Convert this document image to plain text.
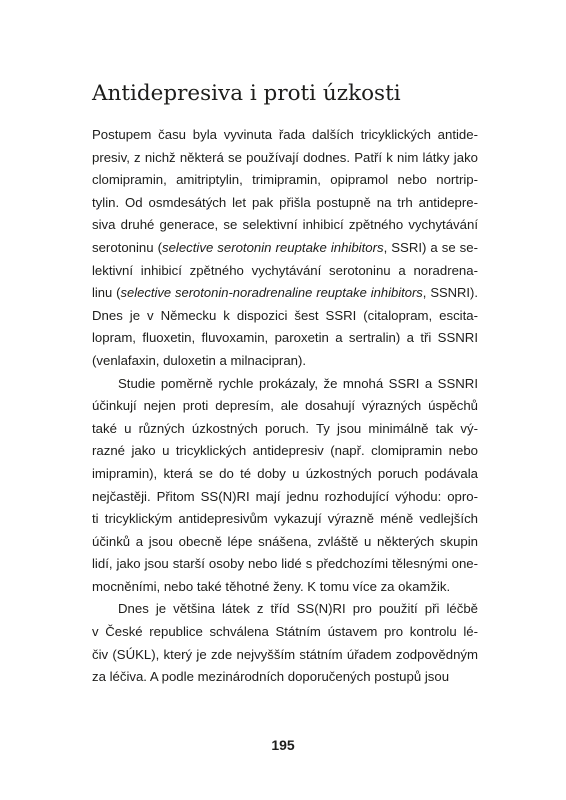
Antidepresiva i proti úzkosti

Postupem času byla vyvinuta řada dalších tricyklických antide-
presiv, z nichž některá se používají dodnes. Patří k nim látky jako
clomipramin, amitriptylin, trimipramin, opipramol nebo nortrip-
tylin. Od osmdesátých let pak přišla postupně na trh antidepre-
siva druhé generace, se selektivní inhibicí zpětného vychytávání
serotoninu (selective serotonin reuptake inhibitors, SSRI) a se se-
lektivní inhibicí zpětného vychytávání serotoninu a noradrena-
linu (selective serotonin-noradrenaline reuptake inhibitors, SSNRI).
Dnes je v Německu k dispozici šest SSRI (citalopram, escita-
lopram, fluoxetin, fluvoxamin, paroxetin a sertralin) a tři SSNRI
(venlafaxin, duloxetin a milnacipran).

Studie poměrně rychle prokázaly, že mnohá SSRI a SSNRI
účinkují nejen proti depresím, ale dosahují výrazných úspěchů
také u různých úzkostných poruch. Ty jsou minimálně tak vý-
razné jako u tricyklických antidepresiv (např. clomipramin nebo
imipramin), která se do té doby u úzkostných poruch podávala
nejčastěji. Přitom SS(N)RI mají jednu rozhodující výhodu: opro-
ti tricyklickým antidepresivům vykazují výrazně méně vedlejších
účinků a jsou obecně lépe snášena, zvláště u některých skupin
lidí, jako jsou starší osoby nebo lidé s předchozími tělesnými one-
mocněními, nebo také těhotné ženy. K tomu více za okamžik.

Dnes je většina látek z tříd SS(N)RI pro použití při léčbě
v České republice schválena Státním ústavem pro kontrolu lé-
čiv (SÚKL), který je zde nejvyšším státním úřadem zodpovědným
za léčiva. A podle mezinárodních doporučených postupů jsou

195
